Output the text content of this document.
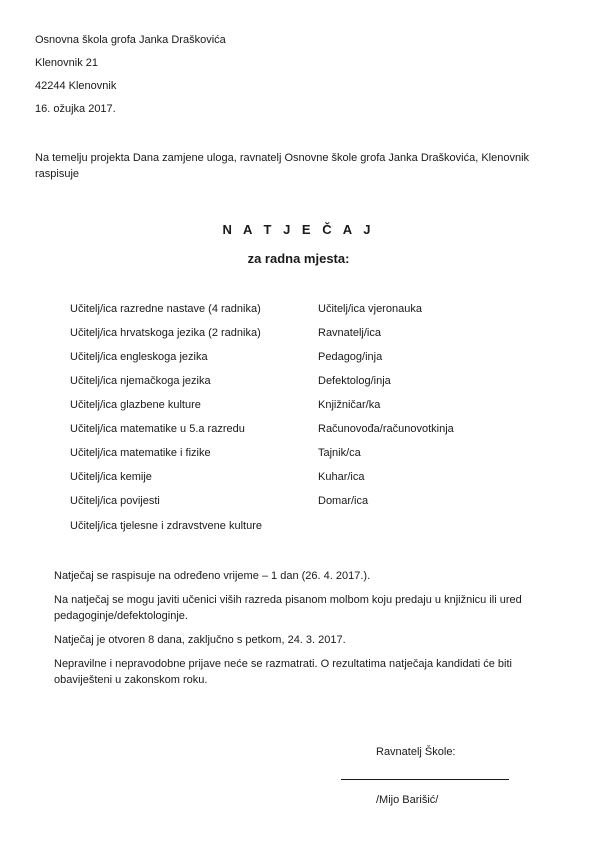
Osnovna škola grofa Janka Draškovića
Klenovnik 21
42244 Klenovnik
16. ožujka 2017.
Na temelju projekta Dana zamjene uloga, ravnatelj Osnovne škole grofa Janka Draškovića, Klenovnik raspisuje
N A T J E Č A J
za radna mjesta:
Učitelj/ica razredne nastave (4 radnika)
Učitelj/ica hrvatskoga jezika (2 radnika)
Učitelj/ica engleskoga jezika
Učitelj/ica njemačkoga jezika
Učitelj/ica glazbene kulture
Učitelj/ica matematike u 5.a razredu
Učitelj/ica matematike i fizike
Učitelj/ica kemije
Učitelj/ica povijesti
Učitelj/ica tjelesne i zdravstvene kulture
Učitelj/ica vjeronauka
Ravnatelj/ica
Pedagog/inja
Defektolog/inja
Knjižničar/ka
Računovođa/računovotkinja
Tajnik/ca
Kuhar/ica
Domar/ica
Natječaj se raspisuje na određeno vrijeme – 1 dan (26. 4. 2017.).
Na natječaj se mogu javiti učenici viših razreda pisanom molbom koju predaju u knjižnicu ili ured pedagoginje/defektologinje.
Natječaj je otvoren 8 dana, zaključno s petkom, 24. 3. 2017.
Nepravilne i nepravodobne prijave neće se razmatrati. O rezultatima natječaja kandidati će biti obaviješteni u zakonskom roku.
Ravnatelj Škole:
/Mijo Barišić/
